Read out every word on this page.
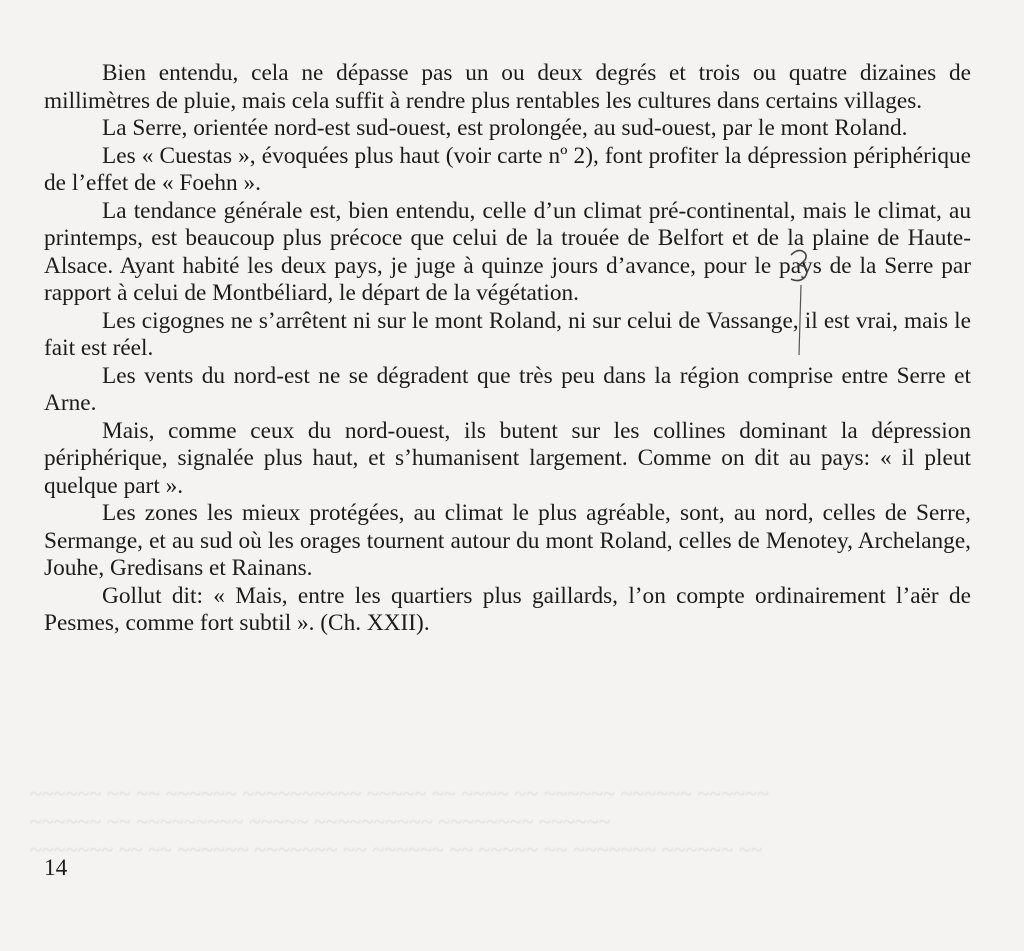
~~~~~~ ~~ ~~ ~~~~~~ ~~~~~~~~~~ ~~~~~ ~~ ~~~~ ~~ ~~~~~~ ~~~~~~ ~~~~~~
~~~~~~ ~~ ~~~~~~~~~ ~~~~~ ~~~~~~~~~~ ~~~~~~~~ ~~~~~~
~~~~~~~ ~~ ~~ ~~~~~~ ~~~~~~~ ~~ ~~~~~~ ~~ ~~~~~ ~~ ~~~~~~~ ~~~~~~ ~~

Bien entendu, cela ne dépasse pas un ou deux degrés et trois ou quatre dizaines de millimètres de pluie, mais cela suffit à rendre plus rentables les cultures dans certains villages.

La Serre, orientée nord-est sud-ouest, est prolongée, au sud-ouest, par le mont Roland.

Les « Cuestas », évoquées plus haut (voir carte nº 2), font profiter la dépression périphérique de l’effet de « Foehn ».

La tendance générale est, bien entendu, celle d’un climat pré-continental, mais le climat, au printemps, est beaucoup plus précoce que celui de la trouée de Belfort et de la plaine de Haute-Alsace. Ayant habité les deux pays, je juge à quinze jours d’avance, pour le pays de la Serre par rapport à celui de Montbéliard, le départ de la végétation.

Les cigognes ne s’arrêtent ni sur le mont Roland, ni sur celui de Vassange, il est vrai, mais le fait est réel.

Les vents du nord-est ne se dégradent que très peu dans la région comprise entre Serre et Arne.

Mais, comme ceux du nord-ouest, ils butent sur les collines dominant la dépression périphérique, signalée plus haut, et s’humanisent largement. Comme on dit au pays: « il pleut quelque part ».

Les zones les mieux protégées, au climat le plus agréable, sont, au nord, celles de Serre, Sermange, et au sud où les orages tournent autour du mont Roland, celles de Menotey, Archelange, Jouhe, Gredisans et Rainans.

Gollut dit: « Mais, entre les quartiers plus gaillards, l’on compte ordinairement l’aër de Pesmes, comme fort subtil ». (Ch. XXII).

14
